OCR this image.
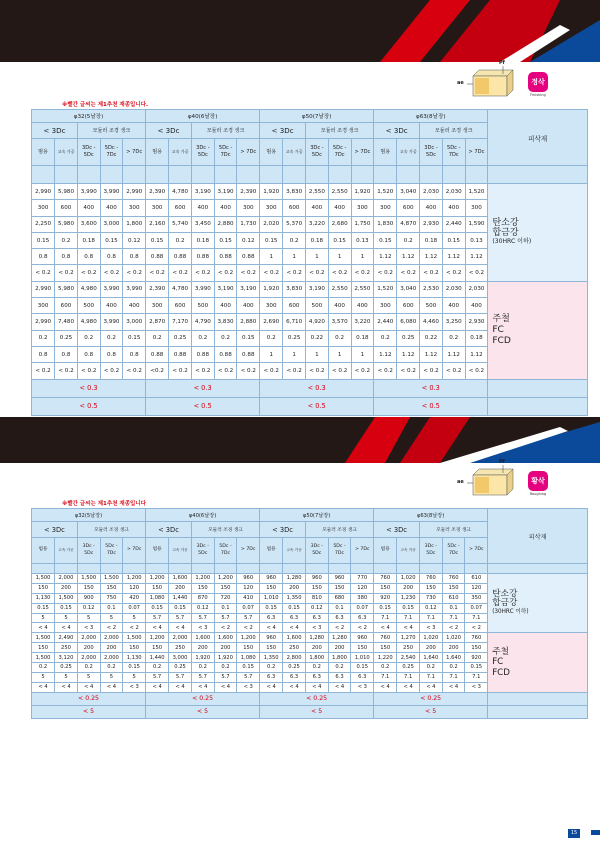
※빨간 글씨는 제1추천 재종입니다.
Pf
ae	정삭
Finishing
φ32(5날장)					φ40(6날장)					φ50(7날장)					φ63(8날장)					피삭재
< 3Dc		모듈러 조경 생크			< 3Dc		모듈러 조경 생크			< 3Dc		모듈러 조경 생크			< 3Dc		모듈러 조경 생크			
범용	고속 가공	3Dc - 5Dc	5Dc - 7Dc	> 7Dc	범용	고속 가공	3Dc - 5Dc	5Dc - 7Dc	> 7Dc	범용	고속 가공	3Dc - 5Dc	5Dc - 7Dc	> 7Dc	범용	고속 가공	3Dc - 5Dc	5Dc - 7Dc	> 7Dc	

2,990	5,980	3,990	3,990	2,990	2,390	4,780	3,190	3,190	2,390	1,920	3,830	2,550	2,550	1,920	1,520	3,040	2,030	2,030	1,520	탄소강
합금강
(30HRC 이하)

300	600	400	400	300	300	600	400	400	300	300	600	400	400	300	300	600	400	400	300	
2,250	5,980	3,600	3,000	1,800	2,160	5,740	3,450	2,880	1,730	2,020	5,370	3,220	2,680	1,750	1,830	4,870	2,930	2,440	1,590	
0.15	0.2	0.18	0.15	0.12	0.15	0.2	0.18	0.15	0.12	0.15	0.2	0.18	0.15	0.13	0.15	0.2	0.18	0.15	0.13	
0.8	0.8	0.8	0.8	0.8	0.88	0.88	0.88	0.88	0.88	1	1	1	1	1	1.12	1.12	1.12	1.12	1.12	
< 0.2	< 0.2	< 0.2	< 0.2	< 0.2	< 0.2	< 0.2	< 0.2	< 0.2	< 0.2	< 0.2	< 0.2	< 0.2	< 0.2	< 0.2	< 0.2	< 0.2	< 0.2	< 0.2	< 0.2	
2,990	5,980	4,980	3,990	3,990	2,390	4,780	3,990	3,190	3,190	1,920	3,830	3,190	2,550	2,550	1,520	3,040	2,530	2,030	2,030	주철
FC
FCD

300	600	500	400	400	300	600	500	400	400	300	600	500	400	400	300	600	500	400	400	
2,990	7,480	4,980	3,990	3,000	2,870	7,170	4,790	3,830	2,880	2,690	6,710	4,920	3,570	3,220	2,440	6,080	4,460	3,250	2,930	
0.2	0.25	0.2	0.2	0.15	0.2	0.25	0.2	0.2	0.15	0.2	0.25	0.22	0.2	0.18	0.2	0.25	0.22	0.2	0.18	
0.8	0.8	0.8	0.8	0.8	0.88	0.88	0.88	0.88	0.88	1	1	1	1	1	1.12	1.12	1.12	1.12	1.12	
< 0.2	< 0.2	< 0.2	< 0.2	< 0.2	<0.2	< 0.2	< 0.2	< 0.2	< 0.2	< 0.2	< 0.2	< 0.2	< 0.2	< 0.2	< 0.2	< 0.2	< 0.2	< 0.2	< 0.2	
< 0.3					< 0.3					< 0.3					< 0.3					
< 0.5					< 0.5					< 0.5					< 0.5					
※빨간 글씨는 제1추천 재종입니다
Pf
ae	황삭
Roughing
φ32(5날장)					φ40(6날장)					φ50(7날장)					φ63(8날장)					피삭재
< 3Dc		모듈러 조경 생크			< 3Dc		모듈러 조경 생크			< 3Dc		모듈러 조경 생크			< 3Dc		모듈러 조경 생크			
범용	고속 가공	3Dc - 5Dc	5Dc - 7Dc	> 7Dc	범용	고속 가공	3Dc - 5Dc	5Dc - 7Dc	> 7Dc	범용	고속 가공	3Dc - 5Dc	5Dc - 7Dc	> 7Dc	범용	고속 가공	3Dc - 5Dc	5Dc - 7Dc	> 7Dc	

1,500	2,000	1,500	1,500	1,200	1,200	1,600	1,200	1,200	960	960	1,280	960	960	770	760	1,020	760	760	610	탄소강
합금강
(30HRC 이하)

150	200	150	150	120	150	200	150	150	120	150	200	150	150	120	150	200	150	150	120	
1,130	1,500	900	750	420	1,080	1,440	870	720	410	1,010	1,350	810	680	380	920	1,230	730	610	350	
0.15	0.15	0.12	0.1	0.07	0.15	0.15	0.12	0.1	0.07	0.15	0.15	0.12	0.1	0.07	0.15	0.15	0.12	0.1	0.07	
5	5	5	5	5	5.7	5.7	5.7	5.7	5.7	6.3	6.3	6.3	6.3	6.3	7.1	7.1	7.1	7.1	7.1	
< 4	< 4	< 3	< 2	< 2	< 4	< 4	< 3	< 2	< 2	< 4	< 4	< 3	< 2	< 2	< 4	< 4	< 3	< 2	< 2	
1,500	2,490	2,000	2,000	1,500	1,200	2,000	1,600	1,600	1,200	960	1,600	1,280	1,280	960	760	1,270	1,020	1,020	760	주철
FC
FCD

150	250	200	200	150	150	250	200	200	150	150	250	200	200	150	150	250	200	200	150	
1,500	3,120	2,000	2,000	1,130	1,440	3,000	1,920	1,920	1,080	1,350	2,800	1,800	1,800	1,010	1,220	2,540	1,640	1,640	920	
0.2	0.25	0.2	0.2	0.15	0.2	0.25	0.2	0.2	0.15	0.2	0.25	0.2	0.2	0.15	0.2	0.25	0.2	0.2	0.15	
5	5	5	5	5	5.7	5.7	5.7	5.7	5.7	6.3	6.3	6.3	6.3	6.3	7.1	7.1	7.1	7.1	7.1	
< 4	< 4	< 4	< 4	< 3	< 4	< 4	< 4	< 4	< 3	< 4	< 4	< 4	< 4	< 3	< 4	< 4	< 4	< 4	< 3	
< 0.25					< 0.25					< 0.25					< 0.25					
< 5					< 5					< 5					< 5					
15
